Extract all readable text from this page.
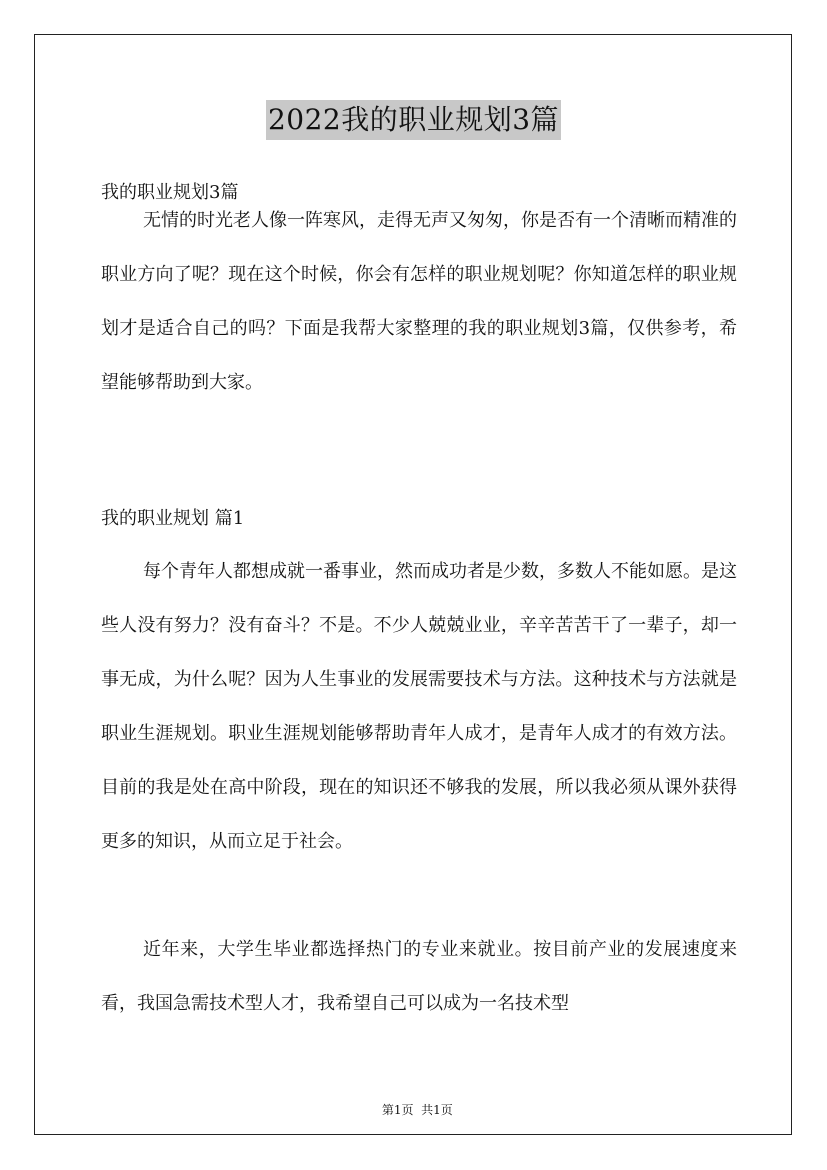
2022我的职业规划3篇
我的职业规划3篇

无情的时光老人像一阵寒风，走得无声又匆匆，你是否有一个清晰而精准的职业方向了呢？现在这个时候，你会有怎样的职业规划呢？你知道怎样的职业规划才是适合自己的吗？下面是我帮大家整理的我的职业规划3篇，仅供参考，希望能够帮助到大家。

我的职业规划 篇1

每个青年人都想成就一番事业，然而成功者是少数，多数人不能如愿。是这些人没有努力？没有奋斗？不是。不少人兢兢业业，辛辛苦苦干了一辈子，却一事无成，为什么呢？因为人生事业的发展需要技术与方法。这种技术与方法就是职业生涯规划。职业生涯规划能够帮助青年人成才，是青年人成才的有效方法。目前的我是处在高中阶段，现在的知识还不够我的发展，所以我必须从课外获得更多的知识，从而立足于社会。

近年来，大学生毕业都选择热门的专业来就业。按目前产业的发展速度来看，我国急需技术型人才，我希望自己可以成为一名技术型

第1页  共1页
